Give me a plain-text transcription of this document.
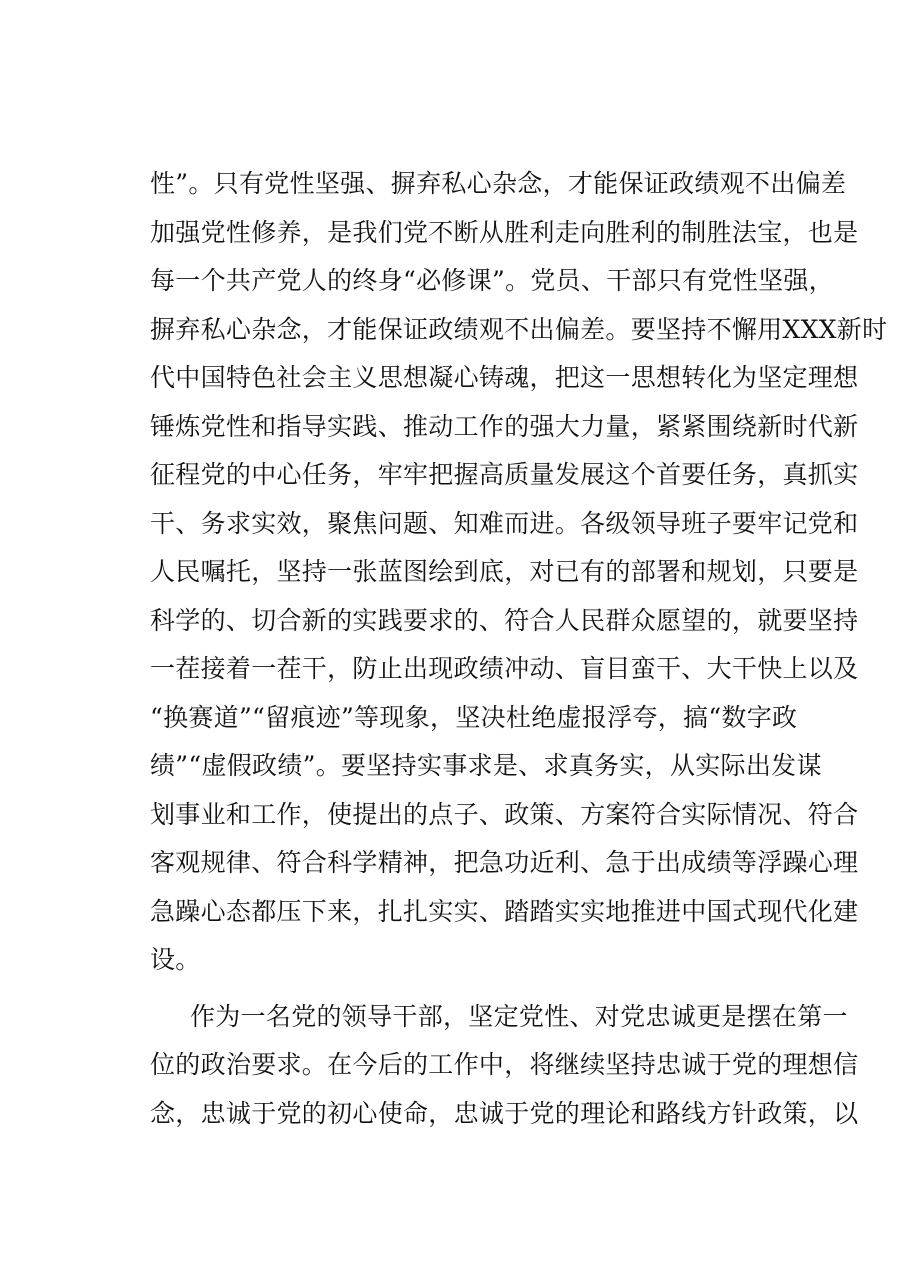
性”。只有党性坚强、摒弃私心杂念，才能保证政绩观不出偏差
加强党性修养，是我们党不断从胜利走向胜利的制胜法宝，也是
每一个共产党人的终身“必修课”。党员、干部只有党性坚强，
摒弃私心杂念，才能保证政绩观不出偏差。要坚持不懈用XXX新时
代中国特色社会主义思想凝心铸魂，把这一思想转化为坚定理想
锤炼党性和指导实践、推动工作的强大力量，紧紧围绕新时代新
征程党的中心任务，牢牢把握高质量发展这个首要任务，真抓实
干、务求实效，聚焦问题、知难而进。各级领导班子要牢记党和
人民嘱托，坚持一张蓝图绘到底，对已有的部署和规划，只要是
科学的、切合新的实践要求的、符合人民群众愿望的，就要坚持
一茬接着一茬干，防止出现政绩冲动、盲目蛮干、大干快上以及
“换赛道”“留痕迹”等现象，坚决杜绝虚报浮夸，搞“数字政
绩”“虚假政绩”。要坚持实事求是、求真务实，从实际出发谋
划事业和工作，使提出的点子、政策、方案符合实际情况、符合
客观规律、符合科学精神，把急功近利、急于出成绩等浮躁心理
急躁心态都压下来，扎扎实实、踏踏实实地推进中国式现代化建
设。
作为一名党的领导干部，坚定党性、对党忠诚更是摆在第一
位的政治要求。在今后的工作中，将继续坚持忠诚于党的理想信
念，忠诚于党的初心使命，忠诚于党的理论和路线方针政策，以
